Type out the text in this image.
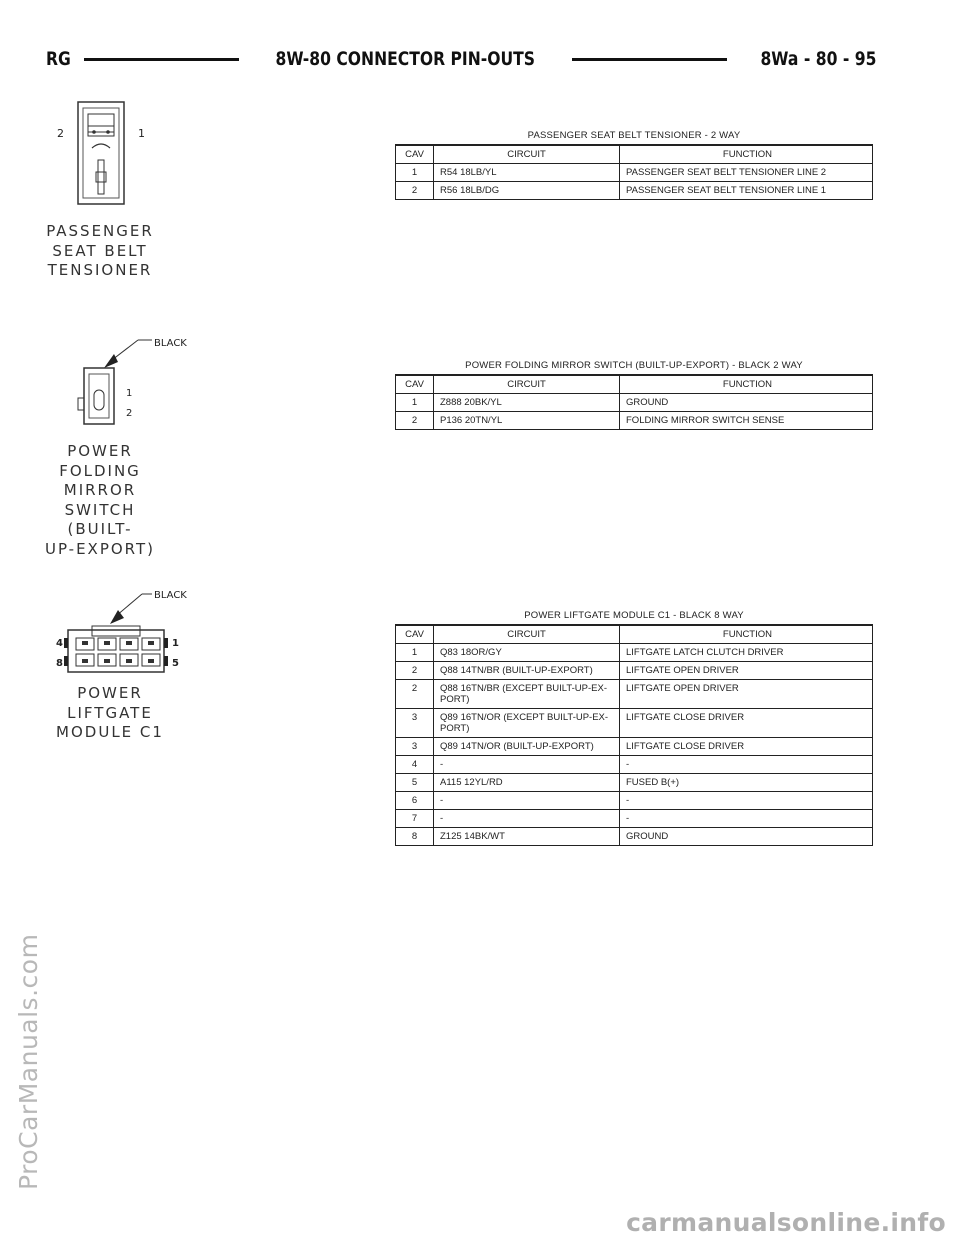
RG	8W-80 CONNECTOR PIN-OUTS	8Wa - 80 - 95
2	1
PASSENGER
SEAT BELT
TENSIONER
PASSENGER SEAT BELT TENSIONER - 2 WAY
CAV	CIRCUIT	FUNCTION
1	R54 18LB/YL	PASSENGER SEAT BELT TENSIONER LINE 2
2	R56 18LB/DG	PASSENGER SEAT BELT TENSIONER LINE 1
BLACK
1
2
POWER
FOLDING
MIRROR
SWITCH
(BUILT-
UP-EXPORT)
POWER FOLDING MIRROR SWITCH (BUILT-UP-EXPORT) - BLACK 2 WAY
CAV	CIRCUIT	FUNCTION
1	Z888 20BK/YL	GROUND
2	P136 20TN/YL	FOLDING MIRROR SWITCH SENSE
BLACK
4	1
8	5
POWER
LIFTGATE
MODULE C1
POWER LIFTGATE MODULE C1 - BLACK 8 WAY
CAV	CIRCUIT	FUNCTION
1	Q83 18OR/GY	LIFTGATE LATCH CLUTCH DRIVER
2	Q88 14TN/BR (BUILT-UP-EXPORT)	LIFTGATE OPEN DRIVER
2	Q88 16TN/BR (EXCEPT BUILT-UP-EX-
PORT)	LIFTGATE OPEN DRIVER
3	Q89 16TN/OR (EXCEPT BUILT-UP-EX-
PORT)	LIFTGATE CLOSE DRIVER
3	Q89 14TN/OR (BUILT-UP-EXPORT)	LIFTGATE CLOSE DRIVER
4	-	-
5	A115 12YL/RD	FUSED B(+)
6	-	-
7	-	-
8	Z125 14BK/WT	GROUND
ProCarManuals.com
carmanualsonline.info
